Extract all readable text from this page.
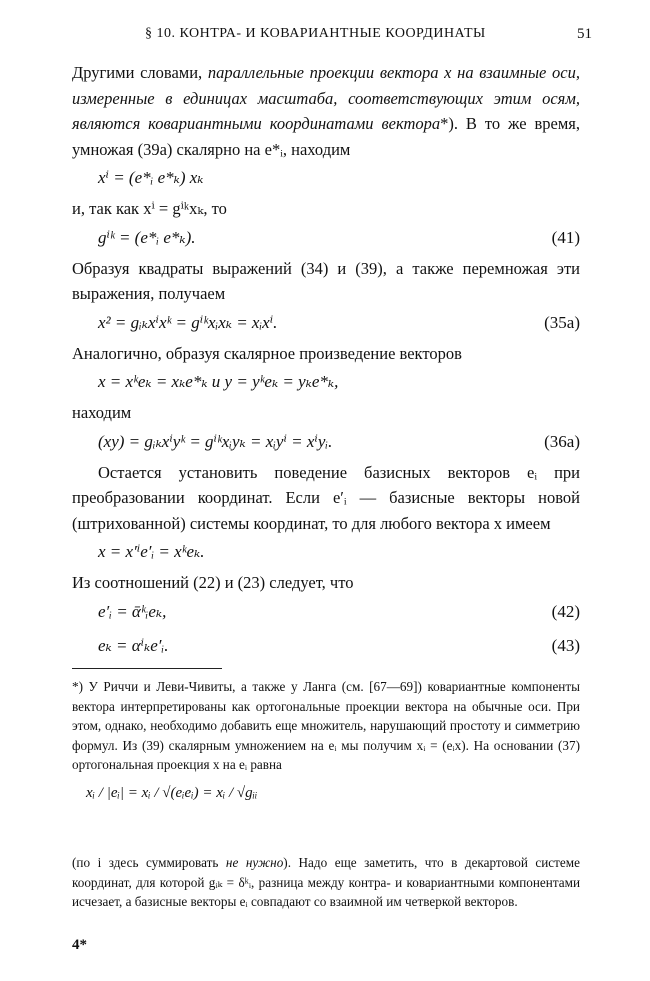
§ 10. КОНТРА- И КОВАРИАНТНЫЕ КООРДИНАТЫ	51

Другими словами, параллельные проекции вектора x на взаимные оси, измеренные в единицах масштаба, соответствующих этим осям, являются ковариантными координатами вектора*). В то же время, умножая (39a) скалярно на e*ᵢ, находим

xⁱ = (e*ᵢ e*ₖ) xₖ

и, так как xⁱ = gⁱᵏxₖ, то

gⁱᵏ = (e*ᵢ e*ₖ).	(41)

Образуя квадраты выражений (34) и (39), а также перемножая эти выражения, получаем

x² = gᵢₖxⁱxᵏ = gⁱᵏxᵢxₖ = xᵢxⁱ.	(35a)

Аналогично, образуя скалярное произведение векторов

x = xᵏeₖ = xₖe*ₖ и y = yᵏeₖ = yₖe*ₖ,

находим

(xy) = gᵢₖxⁱyᵏ = gⁱᵏxᵢyₖ = xᵢyⁱ = xⁱyᵢ.	(36a)

Остается установить поведение базисных векторов eᵢ при преобразовании координат. Если e′ᵢ — базисные векторы новой (штрихованной) системы координат, то для любого вектора x имеем

x = x′ⁱe′ᵢ = xᵏeₖ.

Из соотношений (22) и (23) следует, что

e′ᵢ = ᾱᵏᵢeₖ,	(42)
eₖ = αⁱₖe′ᵢ.	(43)

*) У Риччи и Леви-Чивиты, а также у Ланга (см. [67—69]) ковариантные компоненты вектора интерпретированы как ортогональные проекции вектора на обычные оси. При этом, однако, необходимо добавить еще множитель, нарушающий простоту и симметрию формул. Из (39) скалярным умножением на eᵢ мы получим xᵢ = (eᵢx). На основании (37) ортогональная проекция x на eᵢ равна

xᵢ / |eᵢ| = xᵢ / √(eᵢeᵢ) = xᵢ / √gᵢᵢ

(по i здесь суммировать не нужно). Надо еще заметить, что в декартовой системе координат, для которой gᵢₖ = δᵏᵢ, разница между контра- и ковариантными компонентами исчезает, а базисные векторы eᵢ совпадают со взаимной им четверкой векторов.

4*
